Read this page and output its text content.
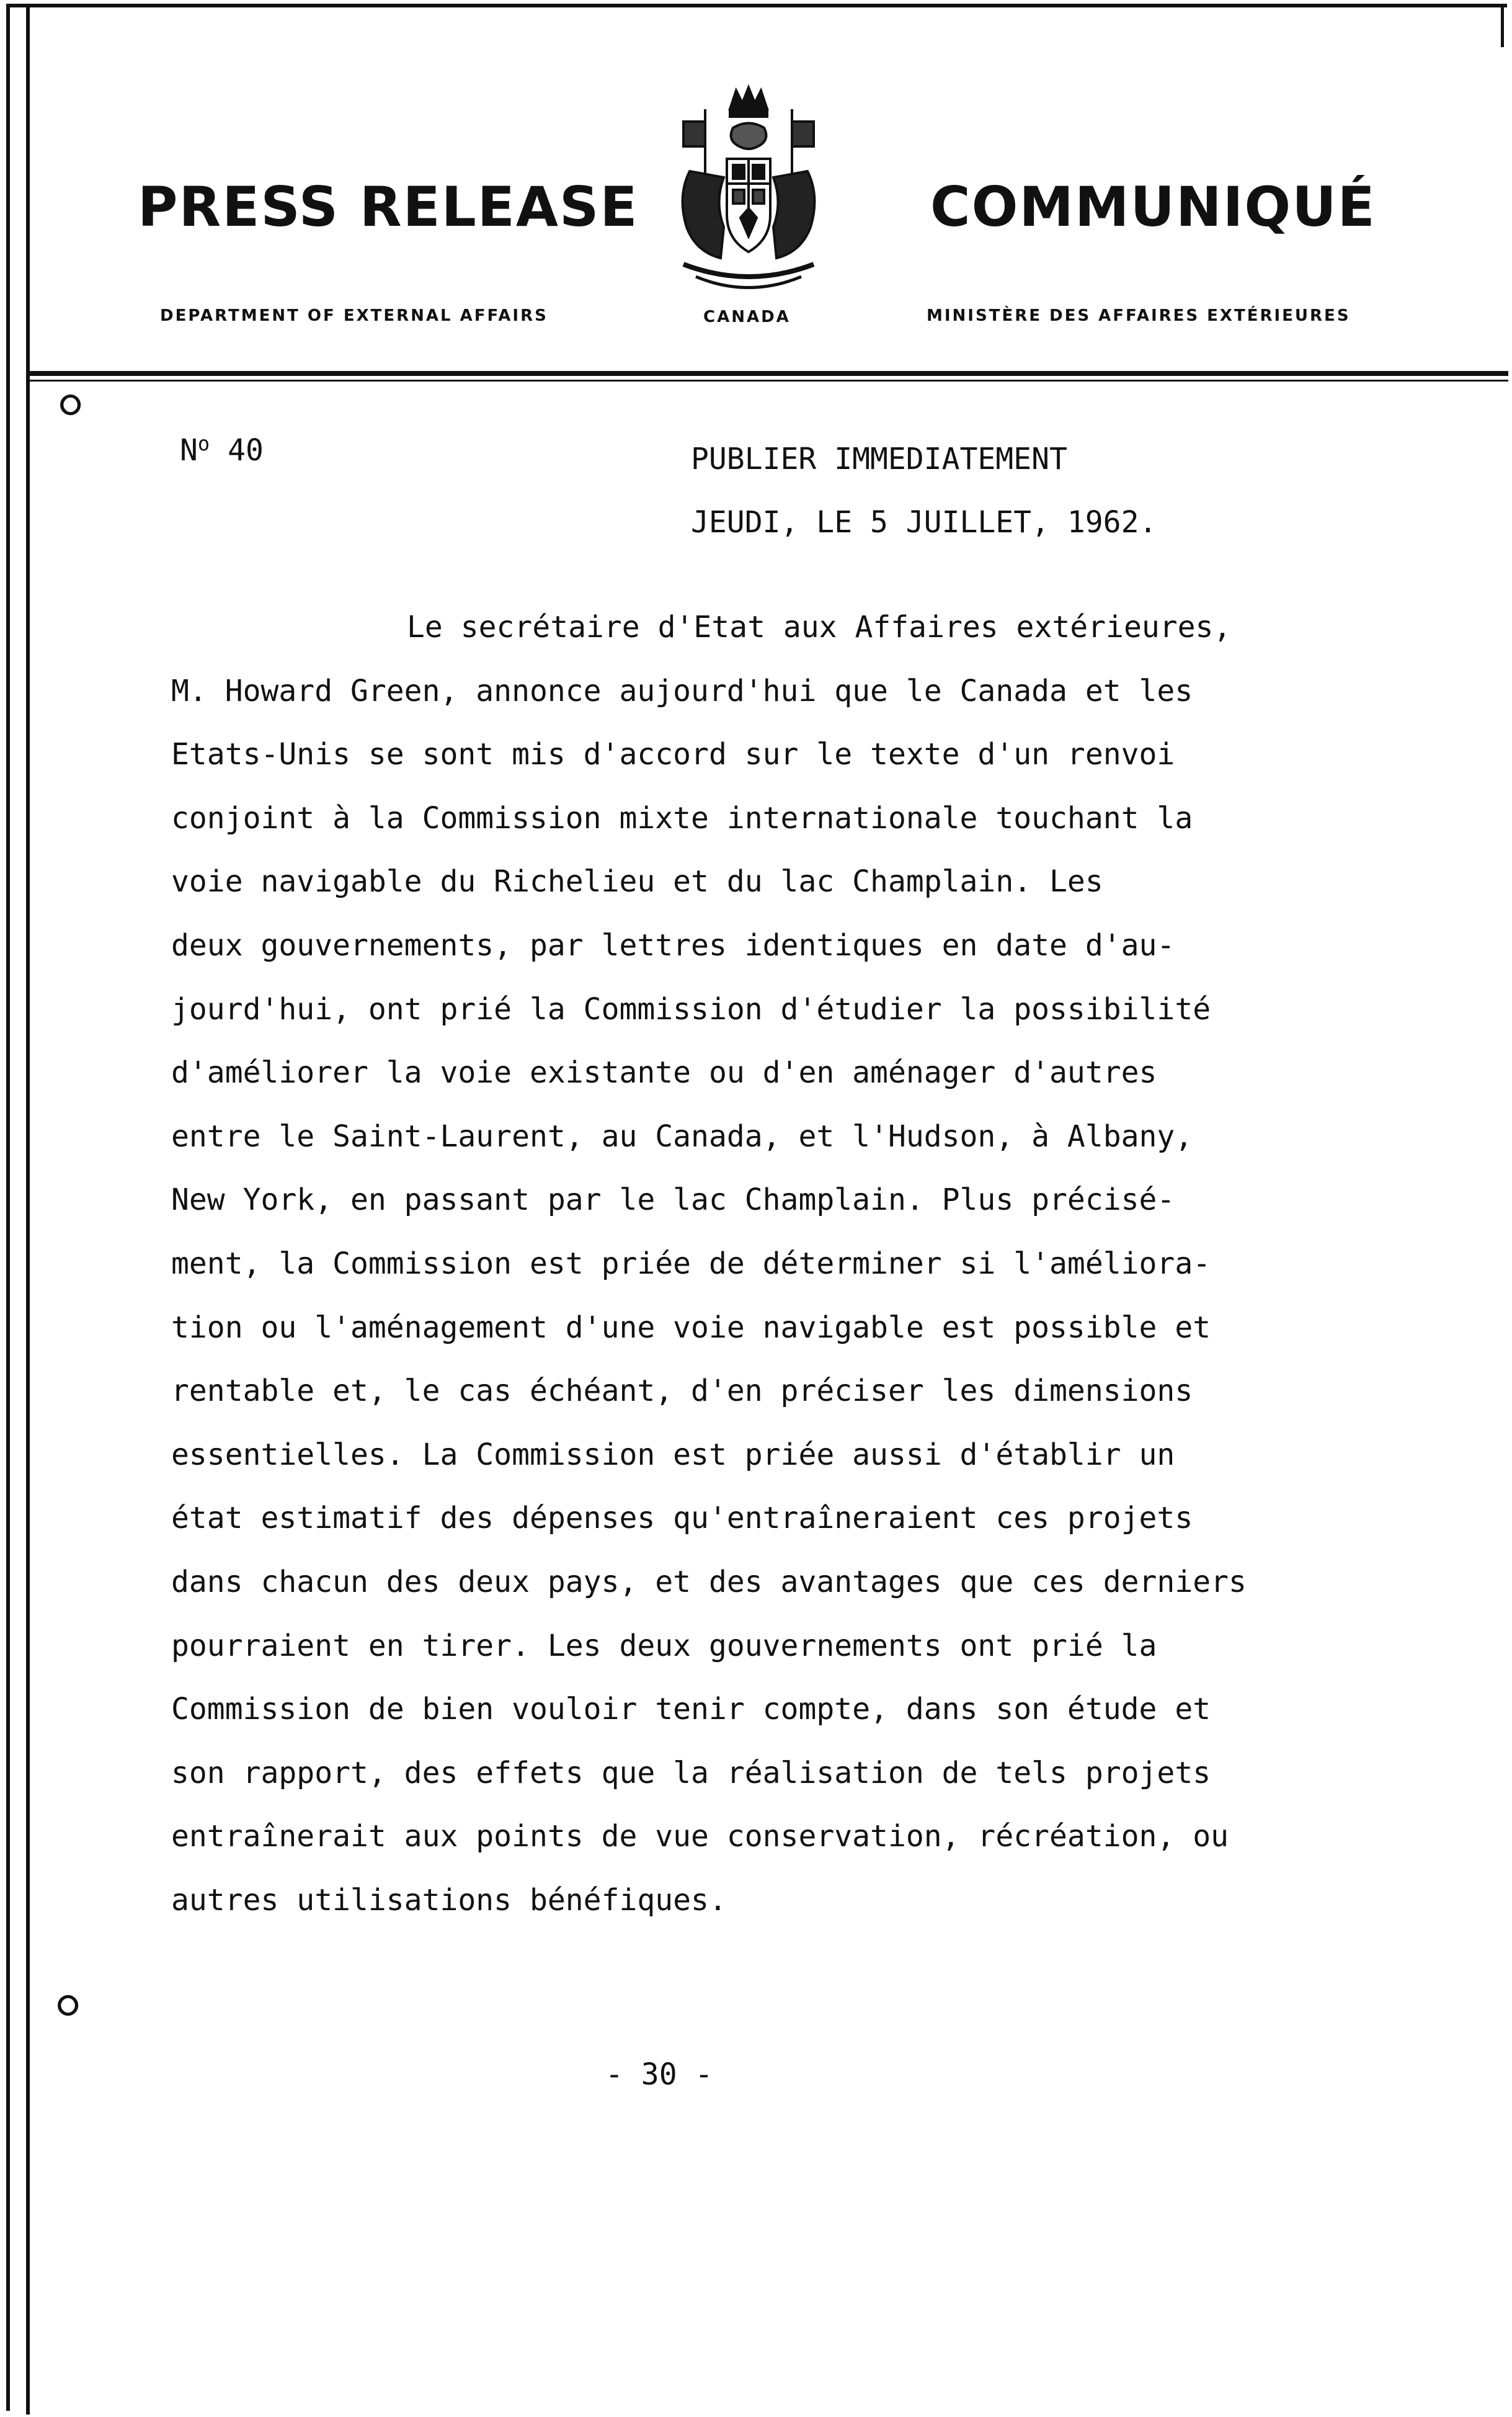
PRESS RELEASE	COMMUNIQUÉ
DEPARTMENT OF EXTERNAL AFFAIRS	CANADA	MINISTÈRE DES AFFAIRES EXTÉRIEURES
⭘
⭘
$N^o$ 40	PUBLIER IMMEDIATEMENT
JEUDI, LE 5 JUILLET, 1962.
Le secrétaire d'Etat aux Affaires extérieures,
M. Howard Green, annonce aujourd'hui que le Canada et les
Etats-Unis se sont mis d'accord sur le texte d'un renvoi
conjoint à la Commission mixte internationale touchant la
voie navigable du Richelieu et du lac Champlain. Les
deux gouvernements, par lettres identiques en date d'au-
jourd'hui, ont prié la Commission d'étudier la possibilité
d'améliorer la voie existante ou d'en aménager d'autres
entre le Saint-Laurent, au Canada, et l'Hudson, à Albany,
New York, en passant par le lac Champlain. Plus précisé-
ment, la Commission est priée de déterminer si l'améliora-
tion ou l'aménagement d'une voie navigable est possible et
rentable et, le cas échéant, d'en préciser les dimensions
essentielles. La Commission est priée aussi d'établir un
état estimatif des dépenses qu'entraîneraient ces projets
dans chacun des deux pays, et des avantages que ces derniers
pourraient en tirer. Les deux gouvernements ont prié la
Commission de bien vouloir tenir compte, dans son étude et
son rapport, des effets que la réalisation de tels projets
entraînerait aux points de vue conservation, récréation, ou
autres utilisations bénéfiques.
- 30 -
